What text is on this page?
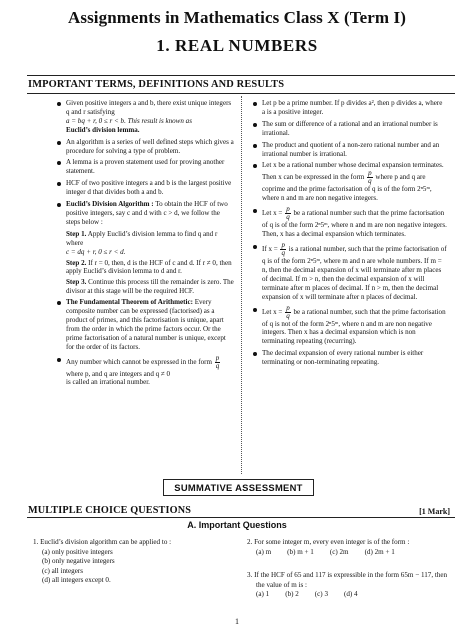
Assignments in Mathematics Class X (Term I)
1. REAL NUMBERS
IMPORTANT TERMS, DEFINITIONS AND RESULTS
Given positive integers a and b, there exist unique integers q and r satisfying
a = bq + r, 0 ≤ r < b. This result is known as
Euclid’s division lemma.
An algorithm is a series of well defined steps which gives a procedure for solving a type of problem.
A lemma is a proven statement used for proving another statement.
HCF of two positive integers a and b is the largest positive integer d that divides both a and b.
Euclid’s Division Algorithm : To obtain the HCF of two positive integers, say c and d with c > d, we follow the steps below :
Step 1. Apply Euclid’s division lemma to find q and r where
c = dq + r, 0 ≤ r < d.
Step 2. If r = 0, then, d is the HCF of c and d. If r ≠ 0, then apply Euclid’s division lemma to d and r.
Step 3. Continue this process till the remainder is zero. The divisor at this stage will be the required HCF.
The Fundamental Theorem of Arithmetic: Every composite number can be expressed (factorised) as a product of primes, and this factorisation is unique, apart from the order in which the prime factors occur. Or the prime factorisation of a natural number is unique, except for the order of its factors.
Any number which cannot be expressed in the form $\frac{p}{q}$
where p, and q are integers and q ≠ 0
is called an irrational number.
Let p be a prime number. If p divides a², then p divides a, where a is a positive integer.
The sum or difference of a rational and an irrational number is irrational.
The product and quotient of a non-zero rational number and an irrational number is irrational.
Let x be a rational number whose decimal expansion terminates. Then x can be expressed in the form $\frac{p}{q}$ where p and q are coprime and the prime factorisation of q is of the form 2ⁿ5ᵐ, where n and m are non negative integers.
Let $x = \frac{p}{q}$ be a rational number such that the prime factorisation of q is of the form 2ⁿ5ᵐ, where n and m are non negative integers. Then, x has a decimal expansion which terminates.
If $x = \frac{p}{q}$ is a rational number, such that the prime factorisation of q is of the form 2ⁿ5ᵐ, where m and n are whole numbers. If m = n, then the decimal expansion of x will terminate after m places of decimal. If m > n, then the decimal expansion of x will terminate after m places of decimal. If n > m, then the decimal expansion of x will terminate after n places of decimal.
Let $x = \frac{p}{q}$ be a rational number, such that the prime factorisation of q is not of the form 2ⁿ5ᵐ, where n and m are non negative integers. Then x has a decimal expansion which is non terminating repeating (recurring).
The decimal expansion of every rational number is either terminating or non-terminating repeating.
SUMMATIVE ASSESSMENT
MULTIPLE CHOICE QUESTIONS	[1 Mark]
A. Important Questions
1. Euclid’s division algorithm can be applied to :
(a) only positive integers
(b) only negative integers
(c) all integers
(d) all integers except 0.
2. For some integer m, every even integer is of the form :
(a) m (b) m + 1 (c) 2m (d) 2m + 1
3. If the HCF of 65 and 117 is expressible in the form 65m − 117, then the value of m is :
(a) 1 (b) 2 (c) 3 (d) 4
1
